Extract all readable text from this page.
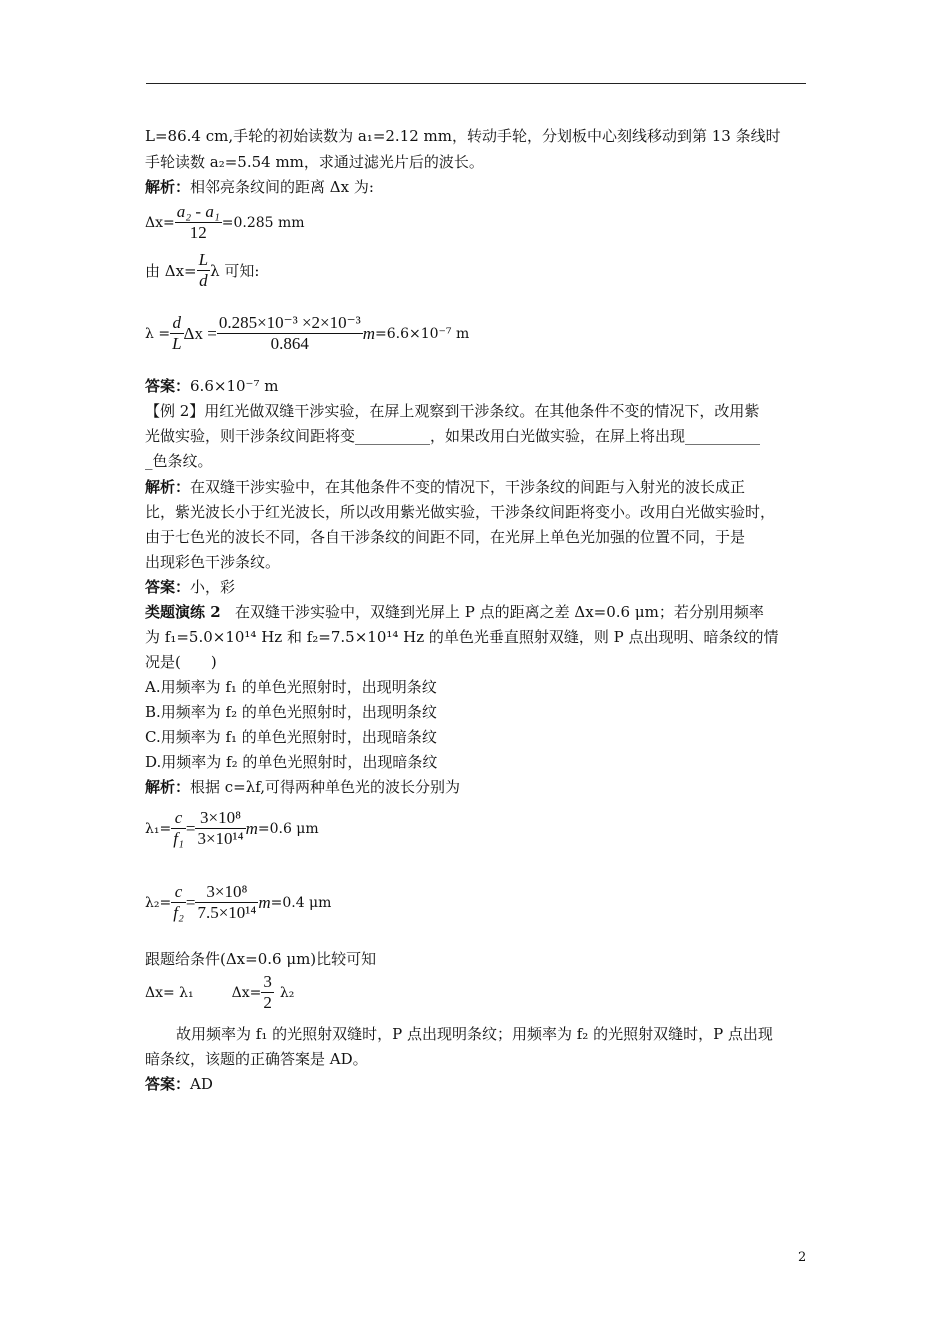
L=86.4 cm,手轮的初始读数为 a₁=2.12 mm，转动手轮，分划板中心刻线移动到第 13 条线时
手轮读数 a₂=5.54 mm，求通过滤光片后的波长。
解析：相邻亮条纹间的距离 Δx 为:
$\Delta x= \frac{\text{a₂ - a₁}}{12} =0.285$ mm
由 $\Delta x= \frac{L}{d}$ λ 可知:
$\lambda = \frac{d}{L}$ $\Delta x = \frac{\text{0.285×10⁻³ ×2×10⁻³}}{0.864}$ m =6.6×10⁻⁷ m
答案：6.6×10⁻⁷ m
【例 2】用红光做双缝干涉实验，在屏上观察到干涉条纹。在其他条件不变的情况下，改用紫
光做实验，则干涉条纹间距将变__________，如果改用白光做实验，在屏上将出现__________
_色条纹。
解析：在双缝干涉实验中，在其他条件不变的情况下，干涉条纹的间距与入射光的波长成正
比，紫光波长小于红光波长，所以改用紫光做实验，干涉条纹间距将变小。改用白光做实验时，
由于七色光的波长不同，各自干涉条纹的间距不同，在光屏上单色光加强的位置不同，于是
出现彩色干涉条纹。
答案：小，彩
类题演练 2 在双缝干涉实验中，双缝到光屏上 P 点的距离之差 Δx=0.6 μm；若分别用频率
为 f₁=5.0×10¹⁴ Hz 和 f₂=7.5×10¹⁴ Hz 的单色光垂直照射双缝，则 P 点出现明、暗条纹的情
况是(　　)
A.用频率为 f₁ 的单色光照射时，出现明条纹
B.用频率为 f₂ 的单色光照射时，出现明条纹
C.用频率为 f₁ 的单色光照射时，出现暗条纹
D.用频率为 f₂ 的单色光照射时，出现暗条纹
解析：根据 c=λf,可得两种单色光的波长分别为
$\lambda_1= \frac{c}{\text{f₁}} = \frac{\text{3×10⁸}}{\text{3×10¹⁴}}$ m =0.6 μm
$\lambda_2= \frac{c}{\text{f₂}} = \frac{\text{3×10⁸}}{\text{7.5×10¹⁴}}$ m =0.4 μm
跟题给条件(Δx=0.6 μm)比较可知
Δx= λ₁	$\Delta x= \frac{3}{2} \lambda_2$
故用频率为 f₁ 的光照射双缝时，P 点出现明条纹；用频率为 f₂ 的光照射双缝时，P 点出现
暗条纹，该题的正确答案是 AD。
答案：AD
2
